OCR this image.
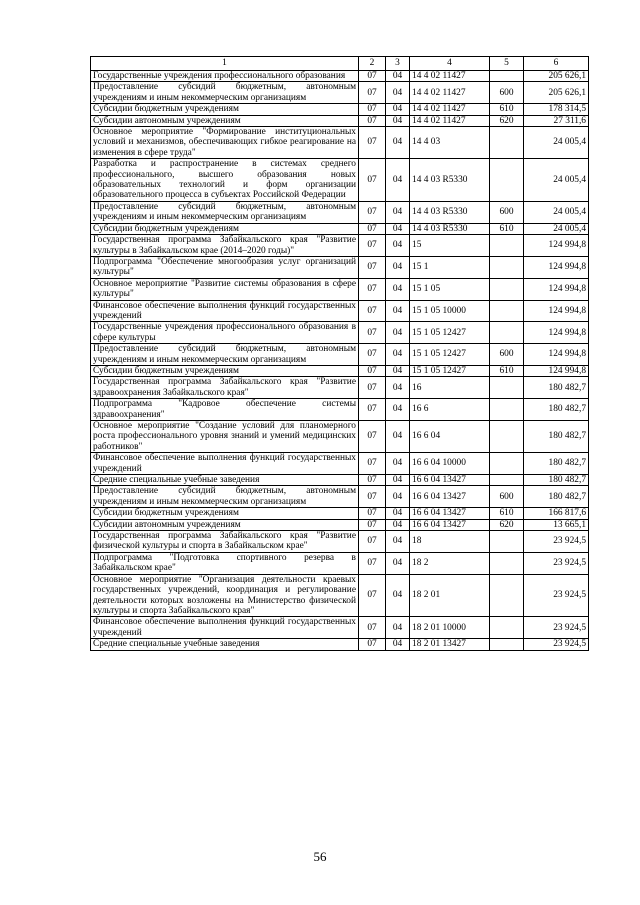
1	2	3	4	5	6
Государственные учреждения профессионального образования	07	04	14 4 02 11427		205 626,1
Предоставление субсидий бюджетным, автономным учреждениям и иным некоммерческим организациям	07	04	14 4 02 11427	600	205 626,1
Субсидии бюджетным учреждениям	07	04	14 4 02 11427	610	178 314,5
Субсидии автономным учреждениям	07	04	14 4 02 11427	620	27 311,6
Основное мероприятие "Формирование институциональных условий и механизмов, обеспечивающих гибкое реагирование на изменения в сфере труда"	07	04	14 4 03		24 005,4
Разработка и распространение в системах среднего профессионального, высшего образования новых образовательных технологий и форм организации образовательного процесса в субъектах Российской Федерации	07	04	14 4 03 R5330		24 005,4
Предоставление субсидий бюджетным, автономным учреждениям и иным некоммерческим организациям	07	04	14 4 03 R5330	600	24 005,4
Субсидии бюджетным учреждениям	07	04	14 4 03 R5330	610	24 005,4
Государственная программа Забайкальского края "Развитие культуры в Забайкальском крае (2014–2020 годы)"	07	04	15		124 994,8
Подпрограмма "Обеспечение многообразия услуг организаций культуры"	07	04	15 1		124 994,8
Основное мероприятие "Развитие системы образования в сфере культуры"	07	04	15 1 05		124 994,8
Финансовое обеспечение выполнения функций государственных учреждений	07	04	15 1 05 10000		124 994,8
Государственные учреждения профессионального образования в сфере культуры	07	04	15 1 05 12427		124 994,8
Предоставление субсидий бюджетным, автономным учреждениям и иным некоммерческим организациям	07	04	15 1 05 12427	600	124 994,8
Субсидии бюджетным учреждениям	07	04	15 1 05 12427	610	124 994,8
Государственная программа Забайкальского края "Развитие здравоохранения Забайкальского края"	07	04	16		180 482,7
Подпрограмма "Кадровое обеспечение системы здравоохранения"	07	04	16 6		180 482,7
Основное мероприятие "Создание условий для планомерного роста профессионального уровня знаний и умений медицинских работников"	07	04	16 6 04		180 482,7
Финансовое обеспечение выполнения функций государственных учреждений	07	04	16 6 04 10000		180 482,7
Средние специальные учебные заведения	07	04	16 6 04 13427		180 482,7
Предоставление субсидий бюджетным, автономным учреждениям и иным некоммерческим организациям	07	04	16 6 04 13427	600	180 482,7
Субсидии бюджетным учреждениям	07	04	16 6 04 13427	610	166 817,6
Субсидии автономным учреждениям	07	04	16 6 04 13427	620	13 665,1
Государственная программа Забайкальского края "Развитие физической культуры и спорта в Забайкальском крае"	07	04	18		23 924,5
Подпрограмма "Подготовка спортивного резерва в Забайкальском крае"	07	04	18 2		23 924,5
Основное мероприятие "Организация деятельности краевых государственных учреждений, координация и регулирование деятельности которых возложены на Министерство физической культуры и спорта Забайкальского края"	07	04	18 2 01		23 924,5
Финансовое обеспечение выполнения функций государственных учреждений	07	04	18 2 01 10000		23 924,5
Средние специальные учебные заведения	07	04	18 2 01 13427		23 924,5
56
